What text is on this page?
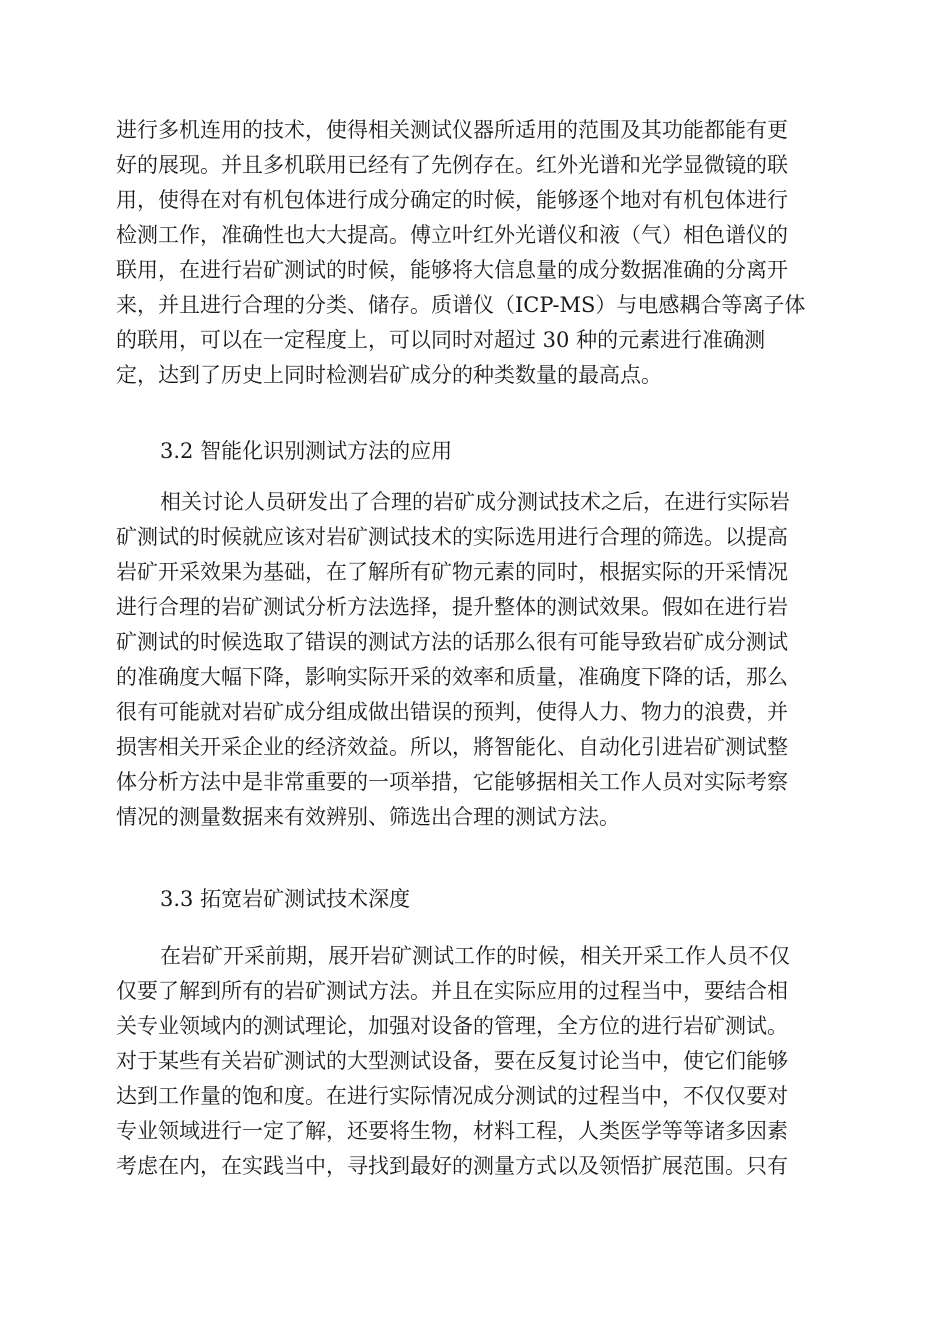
进行多机连用的技术，使得相关测试仪器所适用的范围及其功能都能有更
好的展现。并且多机联用已经有了先例存在。红外光谱和光学显微镜的联
用，使得在对有机包体进行成分确定的时候，能够逐个地对有机包体进行
检测工作，准确性也大大提高。傅立叶红外光谱仪和液（气）相色谱仪的
联用，在进行岩矿测试的时候，能够将大信息量的成分数据准确的分离开
来，并且进行合理的分类、储存。质谱仪（ICP-MS）与电感耦合等离子体
的联用，可以在一定程度上，可以同时对超过 30 种的元素进行准确测
定，达到了历史上同时检测岩矿成分的种类数量的最高点。
3.2 智能化识别测试方法的应用
相关讨论人员研发出了合理的岩矿成分测试技术之后，在进行实际岩
矿测试的时候就应该对岩矿测试技术的实际选用进行合理的筛选。以提高
岩矿开采效果为基础，在了解所有矿物元素的同时，根据实际的开采情况
进行合理的岩矿测试分析方法选择，提升整体的测试效果。假如在进行岩
矿测试的时候选取了错误的测试方法的话那么很有可能导致岩矿成分测试
的准确度大幅下降，影响实际开采的效率和质量，准确度下降的话，那么
很有可能就对岩矿成分组成做出错误的预判，使得人力、物力的浪费，并
损害相关开采企业的经济效益。所以，將智能化、自动化引进岩矿测试整
体分析方法中是非常重要的一项举措，它能够据相关工作人员对实际考察
情况的测量数据来有效辨别、筛选出合理的测试方法。
3.3 拓宽岩矿测试技术深度
在岩矿开采前期，展开岩矿测试工作的时候，相关开采工作人员不仅
仅要了解到所有的岩矿测试方法。并且在实际应用的过程当中，要结合相
关专业领域内的测试理论，加强对设备的管理，全方位的进行岩矿测试。
对于某些有关岩矿测试的大型测试设备，要在反复讨论当中，使它们能够
达到工作量的饱和度。在进行实际情况成分测试的过程当中，不仅仅要对
专业领域进行一定了解，还要将生物，材料工程，人类医学等等诸多因素
考虑在内，在实践当中，寻找到最好的测量方式以及领悟扩展范围。只有
